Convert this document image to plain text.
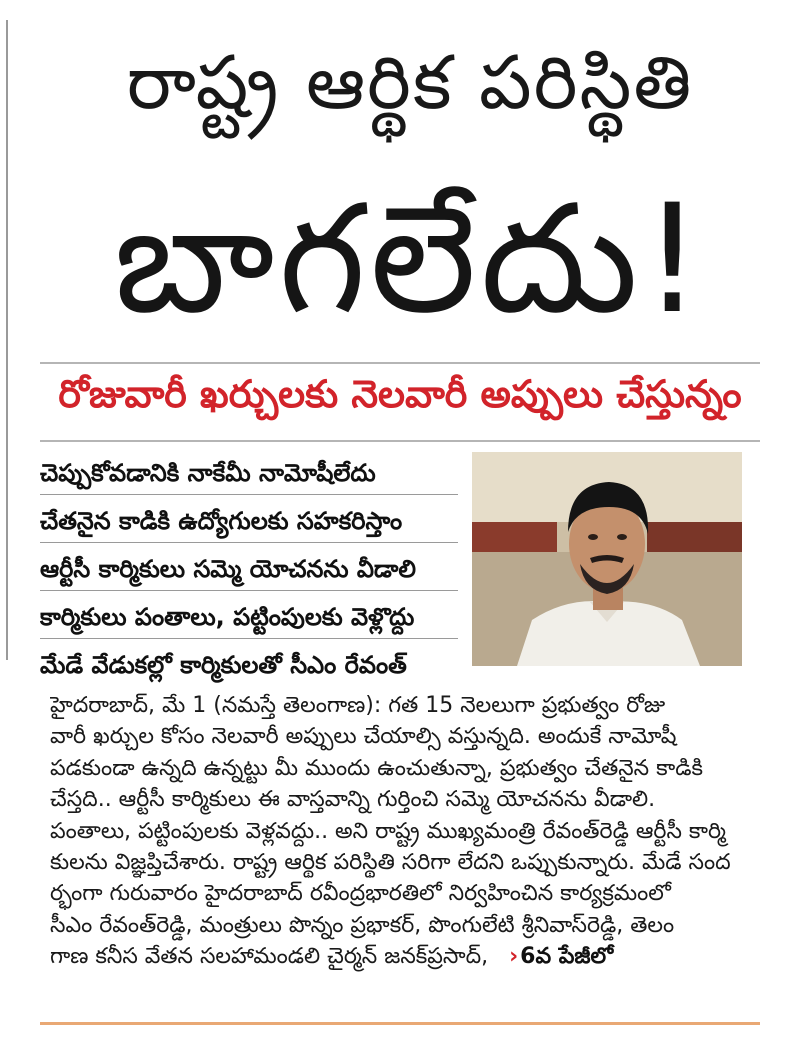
రాష్ట్ర ఆర్థిక పరిస్థితి
బాగలేదు!
రోజువారీ ఖర్చులకు నెలవారీ అప్పులు చేస్తున్నం
చెప్పుకోవడానికి నాకేమీ నామోషీలేదు
చేతనైన కాడికి ఉద్యోగులకు సహకరిస్తాం
ఆర్టీసీ కార్మికులు సమ్మె యోచనను వీడాలి
కార్మికులు పంతాలు, పట్టింపులకు వెళ్లొద్దు
మేడే వేడుకల్లో కార్మికులతో సీఎం రేవంత్
హైదరాబాద్, మే 1 (నమస్తే తెలంగాణ): గత 15 నెలలుగా ప్రభుత్వం రోజు
వారీ ఖర్చుల కోసం నెలవారీ అప్పులు చేయాల్సి వస్తున్నది. అందుకే నామోషీ
పడకుండా ఉన్నది ఉన్నట్టు మీ ముందు ఉంచుతున్నా, ప్రభుత్వం చేతనైన కాడికి
చేస్తది.. ఆర్టీసీ కార్మికులు ఈ వాస్తవాన్ని గుర్తించి సమ్మె యోచనను వీడాలి.
పంతాలు, పట్టింపులకు వెళ్లవద్దు.. అని రాష్ట్ర ముఖ్యమంత్రి రేవంత్‌రెడ్డి ఆర్టీసీ కార్మి
కులను విజ్ఞప్తిచేశారు. రాష్ట్ర ఆర్థిక పరిస్థితి సరిగా లేదని ఒప్పుకున్నారు. మేడే సంద
ర్భంగా గురువారం హైదరాబాద్ రవీంద్రభారతిలో నిర్వహించిన కార్యక్రమంలో
సీఎం రేవంత్‌రెడ్డి, మంత్రులు పొన్నం ప్రభాకర్, పొంగులేటి శ్రీనివాస్‌రెడ్డి, తెలం
గాణ కనీస వేతన సలహామండలి చైర్మన్ జనక్‌ప్రసాద్, ›6వ పేజీలో
